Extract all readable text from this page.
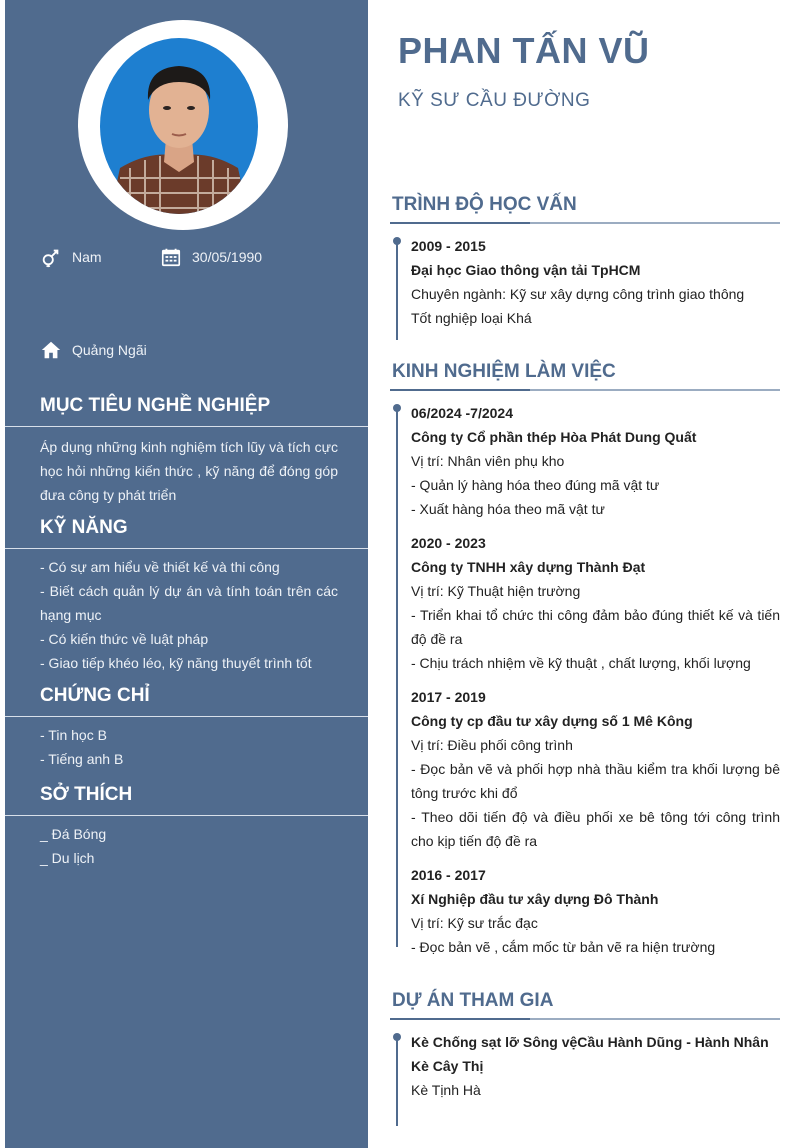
Nam	30/05/1990
Quảng Ngãi
MỤC TIÊU NGHỀ NGHIỆP
Áp dụng những kinh nghiệm tích lũy và tích cực học hỏi những kiến thức , kỹ năng để đóng góp đưa công ty phát triển
KỸ NĂNG
- Có sự am hiểu về thiết kế và thi công
- Biết cách quản lý dự án và tính toán trên các hạng mục
- Có kiến thức về luật pháp
- Giao tiếp khéo léo, kỹ năng thuyết trình tốt
CHỨNG CHỈ
- Tin học B
- Tiếng anh B
SỞ THÍCH
_ Đá Bóng
_ Du lịch
PHAN TẤN VŨ
KỸ SƯ CẦU ĐƯỜNG
TRÌNH ĐỘ HỌC VẤN
2009 - 2015
Đại học Giao thông vận tải TpHCM
Chuyên ngành: Kỹ sư xây dựng công trình giao thông
Tốt nghiệp loại Khá
KINH NGHIỆM LÀM VIỆC
06/2024 -7/2024
Công ty Cổ phần thép Hòa Phát Dung Quất
Vị trí: Nhân viên phụ kho
- Quản lý hàng hóa theo đúng mã vật tư
- Xuất hàng hóa theo mã vật tư
2020 - 2023
Công ty TNHH xây dựng Thành Đạt
Vị trí: Kỹ Thuật hiện trường
- Triển khai tổ chức thi công đảm bảo đúng thiết kế và tiến độ đề ra
- Chịu trách nhiệm về kỹ thuật , chất lượng, khối lượng
2017 - 2019
Công ty cp đầu tư xây dựng số 1 Mê Kông
Vị trí: Điều phối công trình
- Đọc bản vẽ và phối hợp nhà thầu kiểm tra khối lượng bê tông trước khi đổ
- Theo dõi tiến độ và điều phối xe bê tông tới công trình cho kịp tiến độ đề ra
2016 - 2017
Xí Nghiệp đầu tư xây dựng Đô Thành
Vị trí: Kỹ sư trắc đạc
- Đọc bản vẽ , cắm mốc từ bản vẽ ra hiện trường
DỰ ÁN THAM GIA
Kè Chống sạt lỡ Sông vệCầu Hành Dũng - Hành Nhân
Kè Cây Thị
Kè Tịnh Hà
